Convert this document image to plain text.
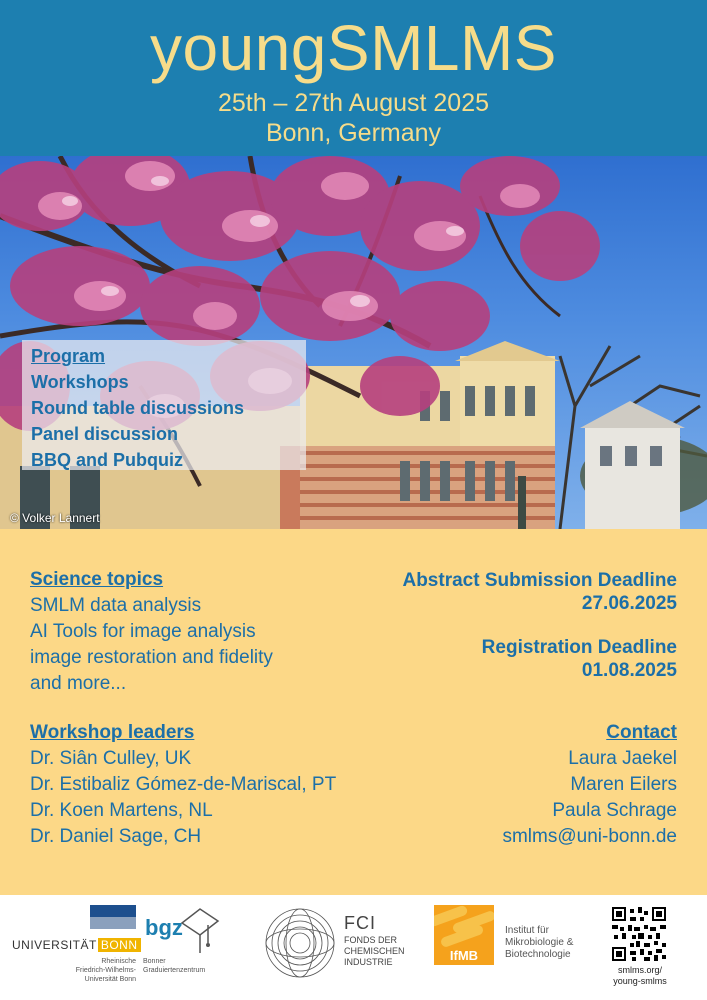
youngSMLMS
25th – 27th August 2025
Bonn, Germany
Program
Workshops
Round table discussions
Panel discussion
BBQ and Pubquiz
© Volker Lannert
Science topics
SMLM data analysis
AI Tools for image analysis
image restoration and fidelity
and more...
Workshop leaders
Dr. Siân Culley, UK
Dr. Estibaliz Gómez-de-Mariscal, PT
Dr. Koen Martens, NL
Dr. Daniel Sage, CH
Abstract Submission Deadline
27.06.2025
Registration Deadline
01.08.2025
Contact
Laura Jaekel
Maren Eilers
Paula Schrage
smlms@uni-bonn.de
UNIVERSITÄT BONN
Rheinische
Friedrich-Wilhelms-
Universität Bonn
bgz
Bonner
Graduiertenzentrum
FCI
FONDS DER
CHEMISCHEN
INDUSTRIE	IfMB
Institut für
Mikrobiologie &
Biotechnologie
smlms.org/
young-smlms
